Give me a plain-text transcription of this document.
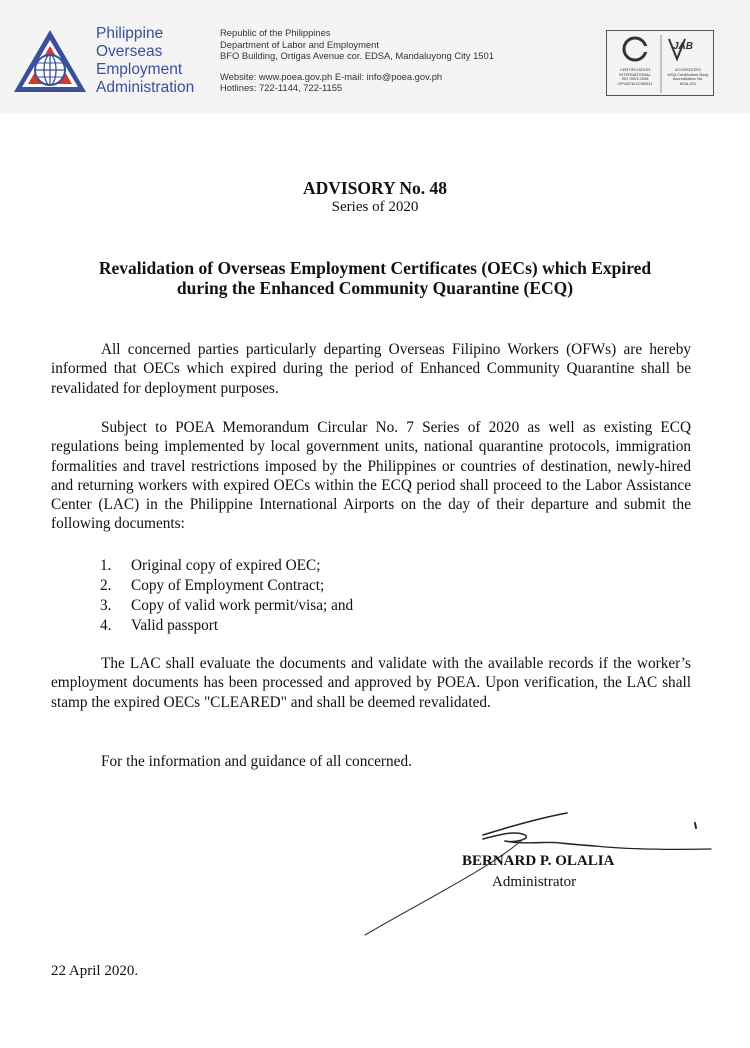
Philippine
Overseas
Employment
Administration
Republic of the Philippines
Department of Labor and Employment
BFO Building, Ortigas Avenue cor. EDSA, Mandaluyong City 1501
Website: www.poea.gov.ph E-mail: info@poea.gov.ph
Hotlines: 722-1144, 722-1155
JAB
CERTIFICATION
INTERNATIONAL
ISO 9001:2008
CIP/4676/12/08/811
ACCREDITED
MSA Certification Body
Accreditation No.
MSA-001
ADVISORY No. 48
Series of 2020
Revalidation of Overseas Employment Certificates (OECs) which Expired
during the Enhanced Community Quarantine (ECQ)

All concerned parties particularly departing Overseas Filipino Workers (OFWs) are hereby informed that OECs which expired during the period of Enhanced Community Quarantine shall be revalidated for deployment purposes.

Subject to POEA Memorandum Circular No. 7 Series of 2020 as well as existing ECQ regulations being implemented by local government units, national quarantine protocols, immigration formalities and travel restrictions imposed by the Philippines or countries of destination, newly-hired and returning workers with expired OECs within the ECQ period shall proceed to the Labor Assistance Center (LAC) in the Philippine International Airports on the day of their departure and submit the following documents:

1.	Original copy of expired OEC;
2.	Copy of Employment Contract;
3.	Copy of valid work permit/visa; and
4.	Valid passport

The LAC shall evaluate the documents and validate with the available records if the worker’s employment documents has been processed and approved by POEA. Upon verification, the LAC shall stamp the expired OECs "CLEARED" and shall be deemed revalidated.

For the information and guidance of all concerned.

BERNARD P. OLALIA
Administrator
22 April 2020.
